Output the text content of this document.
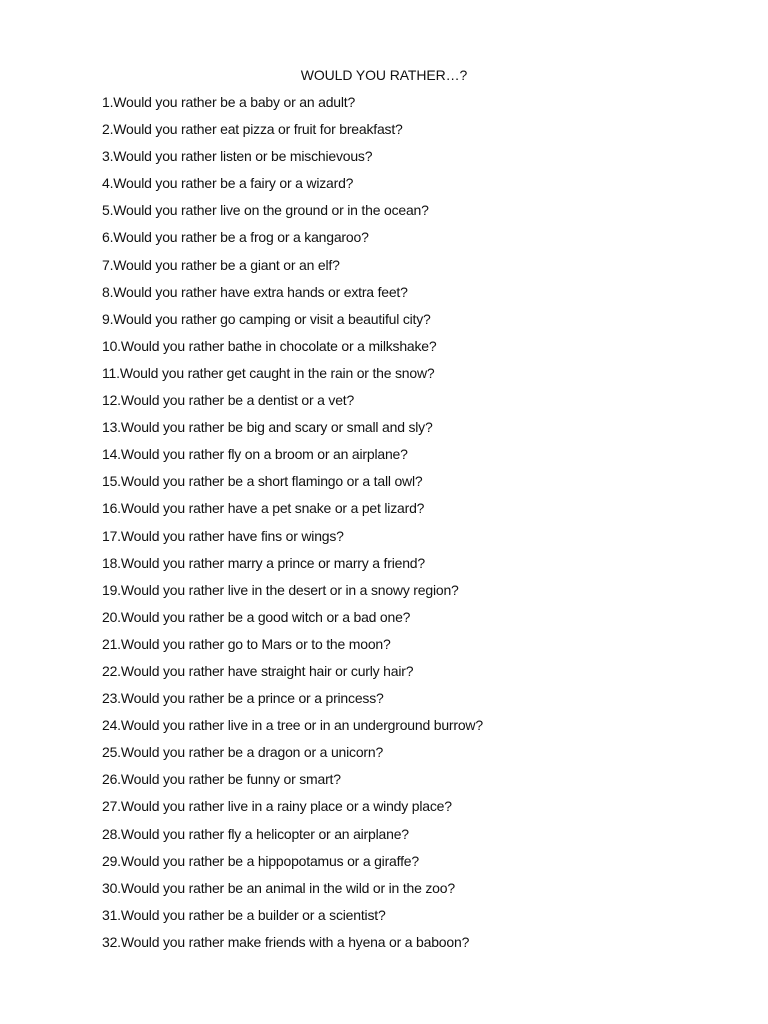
WOULD YOU RATHER…?
1.Would you rather be a baby or an adult?
2.Would you rather eat pizza or fruit for breakfast?
3.Would you rather listen or be mischievous?
4.Would you rather be a fairy or a wizard?
5.Would you rather live on the ground or in the ocean?
6.Would you rather be a frog or a kangaroo?
7.Would you rather be a giant or an elf?
8.Would you rather have extra hands or extra feet?
9.Would you rather go camping or visit a beautiful city?
10.Would you rather bathe in chocolate or a milkshake?
11.Would you rather get caught in the rain or the snow?
12.Would you rather be a dentist or a vet?
13.Would you rather be big and scary or small and sly?
14.Would you rather fly on a broom or an airplane?
15.Would you rather be a short flamingo or a tall owl?
16.Would you rather have a pet snake or a pet lizard?
17.Would you rather have fins or wings?
18.Would you rather marry a prince or marry a friend?
19.Would you rather live in the desert or in a snowy region?
20.Would you rather be a good witch or a bad one?
21.Would you rather go to Mars or to the moon?
22.Would you rather have straight hair or curly hair?
23.Would you rather be a prince or a princess?
24.Would you rather live in a tree or in an underground burrow?
25.Would you rather be a dragon or a unicorn?
26.Would you rather be funny or smart?
27.Would you rather live in a rainy place or a windy place?
28.Would you rather fly a helicopter or an airplane?
29.Would you rather be a hippopotamus or a giraffe?
30.Would you rather be an animal in the wild or in the zoo?
31.Would you rather be a builder or a scientist?
32.Would you rather make friends with a hyena or a baboon?
